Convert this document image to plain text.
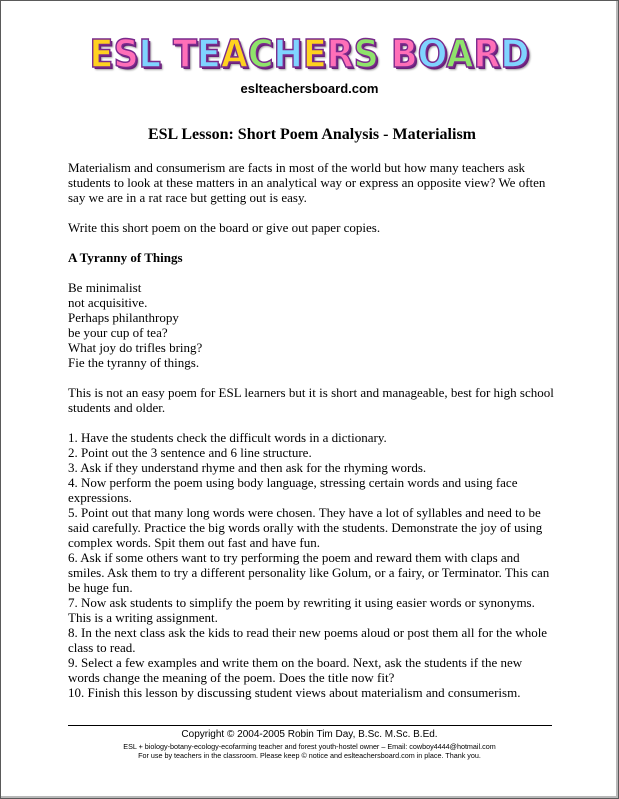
ESL TEACHERS BOARD
eslteachersboard.com
ESL Lesson: Short Poem Analysis - Materialism
Materialism and consumerism are facts in most of the world but how many teachers ask students to look at these matters in an analytical way or express an opposite view? We often say we are in a rat race but getting out is easy.
Write this short poem on the board or give out paper copies.
A Tyranny of Things
Be minimalist
not acquisitive.
Perhaps philanthropy
be your cup of tea?
What joy do trifles bring?
Fie the tyranny of things.
This is not an easy poem for ESL learners but it is short and manageable, best for high school students and older.
1. Have the students check the difficult words in a dictionary.
2. Point out the 3 sentence and 6 line structure.
3. Ask if they understand rhyme and then ask for the rhyming words.
4. Now perform the poem using body language, stressing certain words and using face expressions.
5. Point out that many long words were chosen. They have a lot of syllables and need to be said carefully. Practice the big words orally with the students. Demonstrate the joy of using complex words. Spit them out fast and have fun.
6. Ask if some others want to try performing the poem and reward them with claps and smiles. Ask them to try a different personality like Golum, or a fairy, or Terminator. This can be huge fun.
7. Now ask students to simplify the poem by rewriting it using easier words or synonyms. This is a writing assignment.
8. In the next class ask the kids to read their new poems aloud or post them all for the whole class to read.
9. Select a few examples and write them on the board. Next, ask the students if the new words change the meaning of the poem. Does the title now fit?
10. Finish this lesson by discussing student views about materialism and consumerism.
Copyright © 2004-2005 Robin Tim Day, B.Sc. M.Sc. B.Ed.
ESL + biology-botany-ecology-ecofarming teacher and forest youth-hostel owner – Email: cowboy4444@hotmail.com
For use by teachers in the classroom. Please keep © notice and eslteachersboard.com in place. Thank you.
